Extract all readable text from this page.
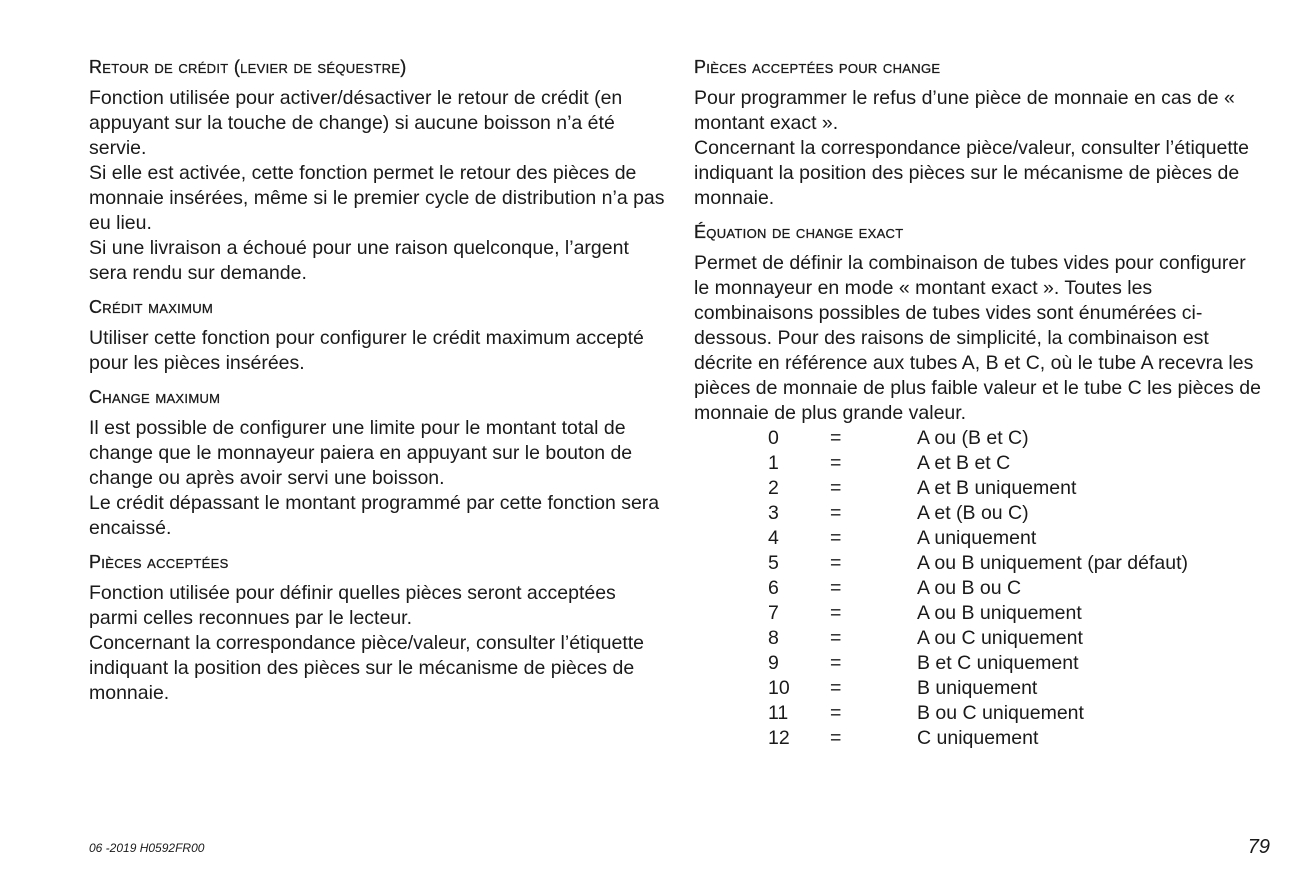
Retour de crédit (levier de séquestre)

Fonction utilisée pour activer/désactiver le retour de crédit (en appuyant sur la touche de change) si aucune boisson n’a été servie.

Si elle est activée, cette fonction permet le retour des pièces de monnaie insérées, même si le premier cycle de distribution n’a pas eu lieu.

Si une livraison a échoué pour une raison quelconque, l’argent sera rendu sur demande.

Crédit maximum

Utiliser cette fonction pour configurer le crédit maximum accepté pour les pièces insérées.

Change maximum

Il est possible de configurer une limite pour le montant total de change que le monnayeur paiera en appuyant sur le bouton de change ou après avoir servi une boisson.

Le crédit dépassant le montant programmé par cette fonction sera encaissé.

Pièces acceptées

Fonction utilisée pour définir quelles pièces seront acceptées parmi celles reconnues par le lecteur.

Concernant la correspondance pièce/valeur, consulter l’étiquette indiquant la position des pièces sur le mécanisme de pièces de monnaie.

Pièces acceptées pour change

Pour programmer le refus d’une pièce de monnaie en cas de « montant exact ».

Concernant la correspondance pièce/valeur, consulter l’étiquette indiquant la position des pièces sur le mécanisme de pièces de monnaie.

Équation de change exact

Permet de définir la combinaison de tubes vides pour configurer le monnayeur en mode « montant exact ». Toutes les combinaisons possibles de tubes vides sont énumérées ci-dessous. Pour des raisons de simplicité, la combinaison est décrite en référence aux tubes A, B et C, où le tube A recevra les pièces de monnaie de plus faible valeur et le tube C les pièces de monnaie de plus grande valeur.

0	=	A ou (B et C)
1	=	A et B et C
2	=	A et B uniquement
3	=	A et (B ou C)
4	=	A uniquement
5	=	A ou B uniquement (par défaut)
6	=	A ou B ou C
7	=	A ou B uniquement
8	=	A ou C uniquement
9	=	B et C uniquement
10	=	B uniquement
11	=	B ou C uniquement
12	=	C uniquement
06 -2019 H0592FR00	79
